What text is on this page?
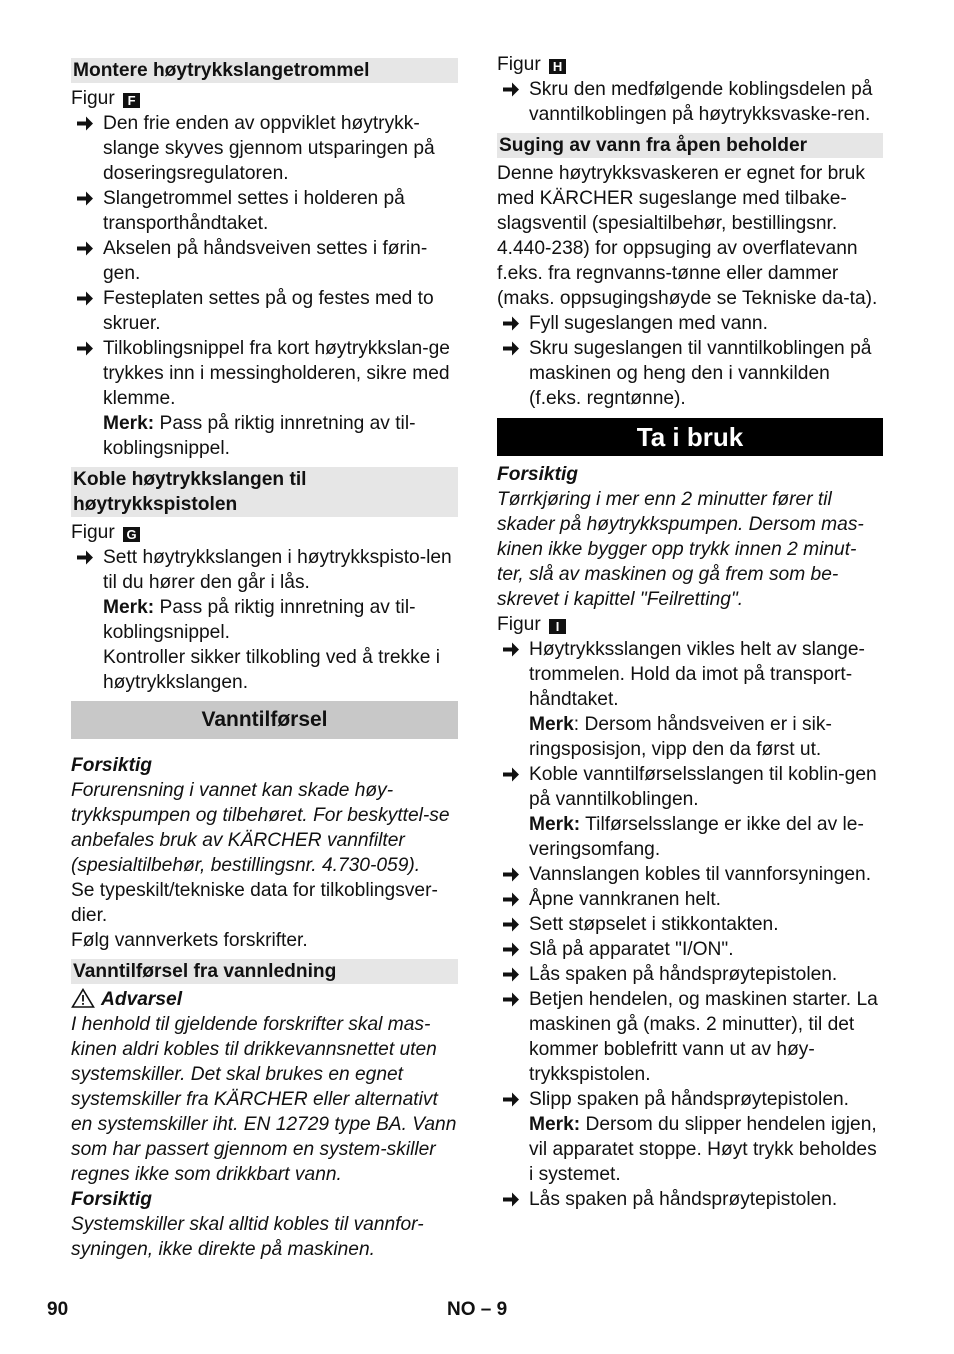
Montere høytrykkslangetrommel
Figur F
Den frie enden av oppviklet høytrykk-slange skyves gjennom utsparingen på doseringsregulatoren.
Slangetrommel settes i holderen på transporthåndtaket.
Akselen på håndsveiven settes i førin-gen.
Festeplaten settes på og festes med to skruer.
Tilkoblingsnippel fra kort høytrykkslan-ge trykkes inn i messingholderen, sikre med klemme.
Merk: Pass på riktig innretning av til-koblingsnippel.
Koble høytrykkslangen til høytrykkspistolen
Figur G
Sett høytrykkslangen i høytrykkspisto-len til du hører den går i lås.
Merk: Pass på riktig innretning av til-koblingsnippel.
Kontroller sikker tilkobling ved å trekke i høytrykkslangen.
Vanntilførsel
Forsiktig
Forurensning i vannet kan skade høy-trykkspumpen og tilbehøret. For beskyttel-se anbefales bruk av KÄRCHER vannfilter (spesialtilbehør, bestillingsnr. 4.730-059).
Se typeskilt/tekniske data for tilkoblingsver-dier.
Følg vannverkets forskrifter.
Vanntilførsel fra vannledning
Advarsel
I henhold til gjeldende forskrifter skal mas-kinen aldri kobles til drikkevannsnettet uten systemskiller. Det skal brukes en egnet systemskiller fra KÄRCHER eller alternativt en systemskiller iht. EN 12729 type BA. Vann som har passert gjennom en system-skiller regnes ikke som drikkbart vann.
Forsiktig
Systemskiller skal alltid kobles til vannfor-syningen, ikke direkte på maskinen.
Figur H
Skru den medfølgende koblingsdelen på vanntilkoblingen på høytrykksvaske-ren.
Suging av vann fra åpen beholder
Denne høytrykksvaskeren er egnet for bruk med KÄRCHER sugeslange med tilbake-slagsventil (spesialtilbehør, bestillingsnr. 4.440-238) for oppsuging av overflatevann f.eks. fra regnvanns-tønne eller dammer (maks. oppsugingshøyde se Tekniske da-ta).
Fyll sugeslangen med vann.
Skru sugeslangen til vanntilkoblingen på maskinen og heng den i vannkilden (f.eks. regntønne).
Ta i bruk
Forsiktig
Tørrkjøring i mer enn 2 minutter fører til skader på høytrykkspumpen. Dersom mas-kinen ikke bygger opp trykk innen 2 minut-ter, slå av maskinen og gå frem som be-skrevet i kapittel "Feilretting".
Figur I
Høytrykksslangen vikles helt av slange-trommelen. Hold da imot på transport-håndtaket.
Merk: Dersom håndsveiven er i sik-ringsposisjon, vipp den da først ut.
Koble vanntilførselsslangen til koblin-gen på vanntilkoblingen.
Merk: Tilførselsslange er ikke del av le-veringsomfang.
Vannslangen kobles til vannforsyningen.
Åpne vannkranen helt.
Sett støpselet i stikkontakten.
Slå på apparatet "I/ON".
Lås spaken på håndsprøytepistolen.
Betjen hendelen, og maskinen starter. La maskinen gå (maks. 2 minutter), til det kommer boblefritt vann ut av høy-trykkspistolen.
Slipp spaken på håndsprøytepistolen.
Merk: Dersom du slipper hendelen igjen, vil apparatet stoppe. Høyt trykk beholdes i systemet.
Lås spaken på håndsprøytepistolen.
90	NO – 9
